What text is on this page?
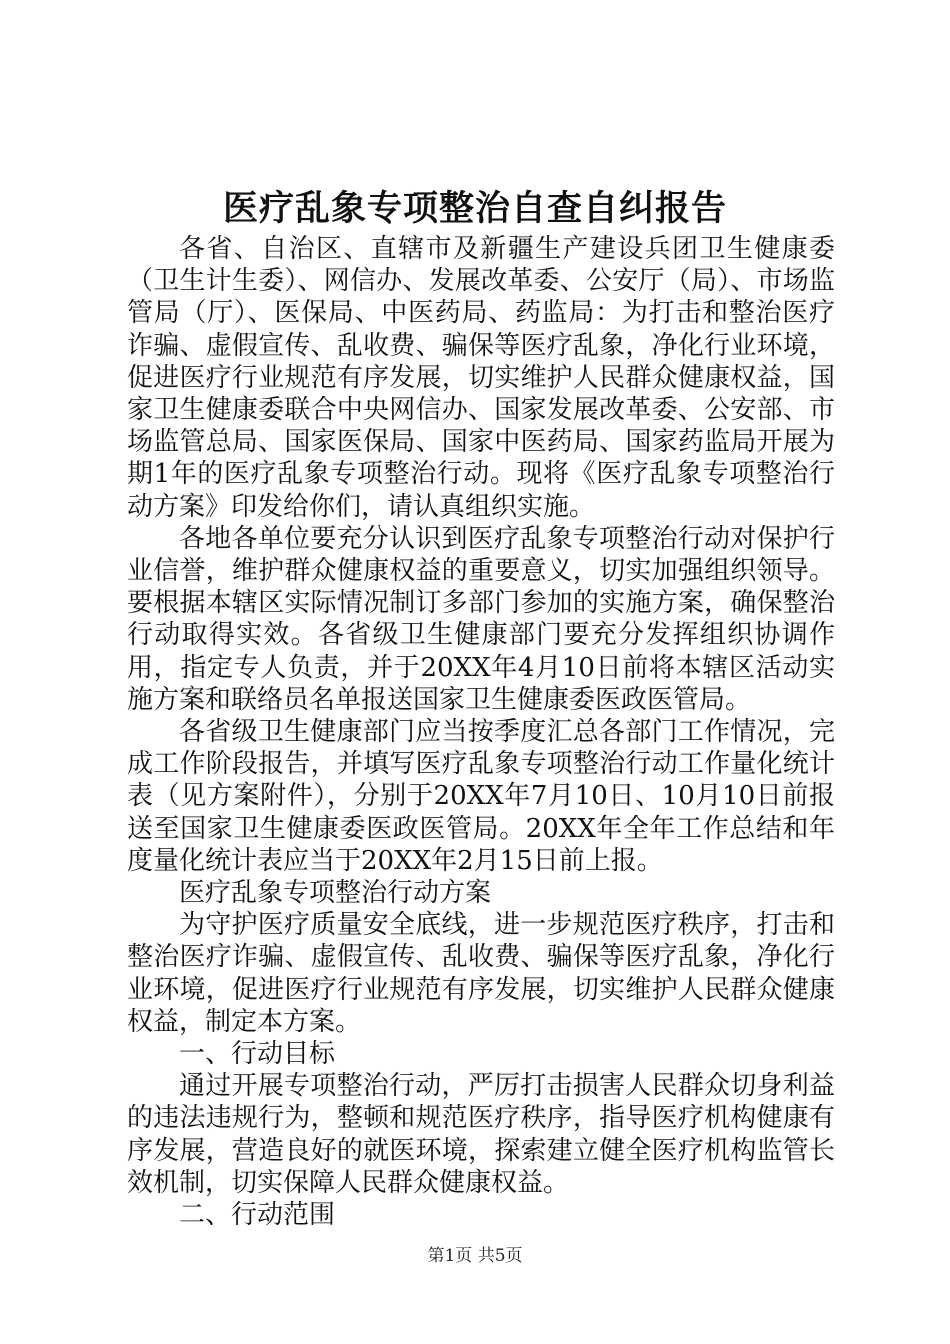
医疗乱象专项整治自查自纠报告

各省、自治区、直辖市及新疆生产建设兵团卫生健康委（卫生计生委）、网信办、发展改革委、公安厅（局）、市场监管局（厅）、医保局、中医药局、药监局：为打击和整治医疗诈骗、虚假宣传、乱收费、骗保等医疗乱象，净化行业环境，促进医疗行业规范有序发展，切实维护人民群众健康权益，国家卫生健康委联合中央网信办、国家发展改革委、公安部、市场监管总局、国家医保局、国家中医药局、国家药监局开展为期1年的医疗乱象专项整治行动。现将《医疗乱象专项整治行动方案》印发给你们，请认真组织实施。

各地各单位要充分认识到医疗乱象专项整治行动对保护行业信誉，维护群众健康权益的重要意义，切实加强组织领导。要根据本辖区实际情况制订多部门参加的实施方案，确保整治行动取得实效。各省级卫生健康部门要充分发挥组织协调作用，指定专人负责，并于20XX年4月10日前将本辖区活动实施方案和联络员名单报送国家卫生健康委医政医管局。

各省级卫生健康部门应当按季度汇总各部门工作情况，完成工作阶段报告，并填写医疗乱象专项整治行动工作量化统计表（见方案附件），分别于20XX年7月10日、10月10日前报送至国家卫生健康委医政医管局。20XX年全年工作总结和年度量化统计表应当于20XX年2月15日前上报。

医疗乱象专项整治行动方案

为守护医疗质量安全底线，进一步规范医疗秩序，打击和整治医疗诈骗、虚假宣传、乱收费、骗保等医疗乱象，净化行业环境，促进医疗行业规范有序发展，切实维护人民群众健康权益，制定本方案。

一、行动目标

通过开展专项整治行动，严厉打击损害人民群众切身利益的违法违规行为，整顿和规范医疗秩序，指导医疗机构健康有序发展，营造良好的就医环境，探索建立健全医疗机构监管长效机制，切实保障人民群众健康权益。

二、行动范围

第1页 共5页
